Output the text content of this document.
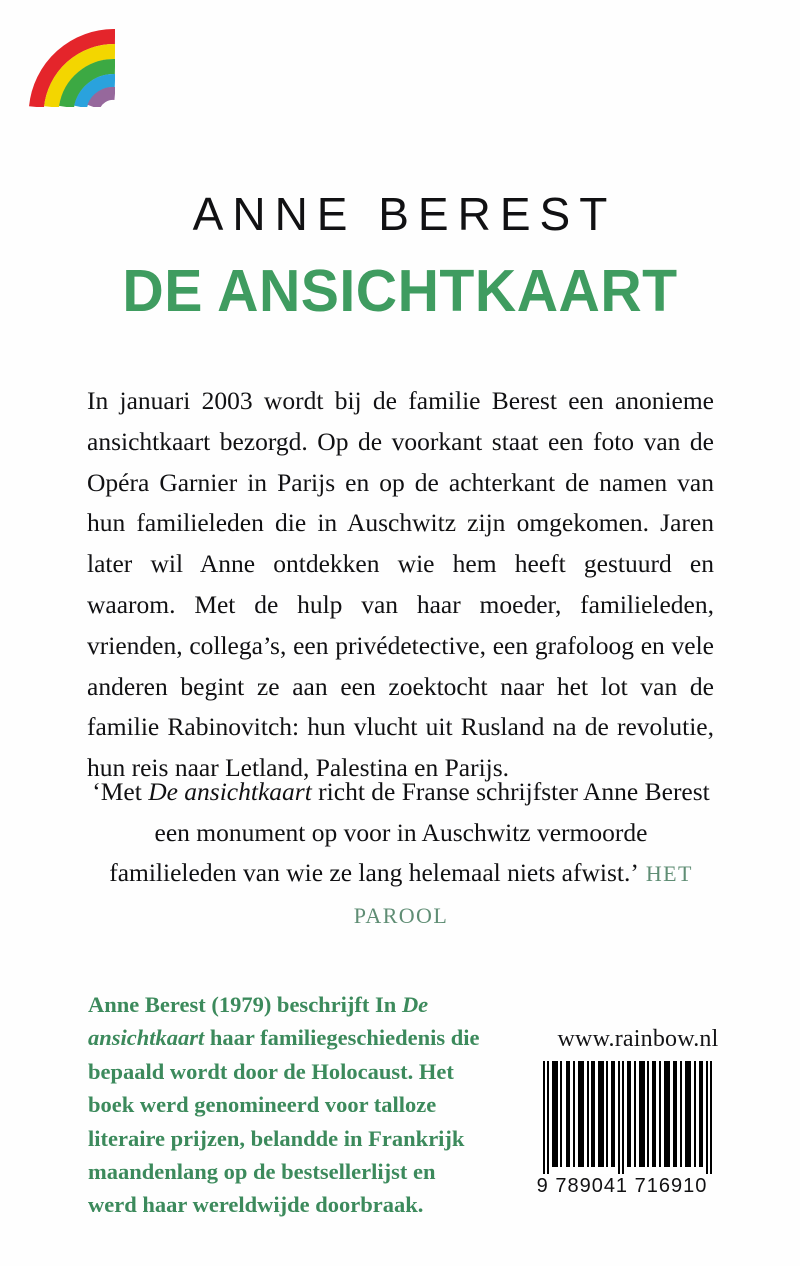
ANNE BEREST
DE ANSICHTKAART
In januari 2003 wordt bij de familie Berest een anonieme ansichtkaart bezorgd. Op de voorkant staat een foto van de Opéra Garnier in Parijs en op de achterkant de namen van hun familieleden die in Auschwitz zijn omgekomen. Jaren later wil Anne ontdekken wie hem heeft gestuurd en waarom. Met de hulp van haar moeder, familieleden, vrienden, collega’s, een privédetective, een grafoloog en vele anderen begint ze aan een zoektocht naar het lot van de familie Rabinovitch: hun vlucht uit Rusland na de revolutie, hun reis naar Letland, Palestina en Parijs.
‘Met De ansichtkaart richt de Franse schrijfster Anne Berest een monument op voor in Auschwitz vermoorde familieleden van wie ze lang helemaal niets afwist.’ HET PAROOL
Anne Berest (1979) beschrijft In De ansichtkaart haar familiegeschiedenis die bepaald wordt door de Holocaust. Het boek werd genomineerd voor talloze literaire prijzen, belandde in Frankrijk maandenlang op de bestsellerlijst en werd haar wereldwijde doorbraak.
www.rainbow.nl
9 789041 716910
